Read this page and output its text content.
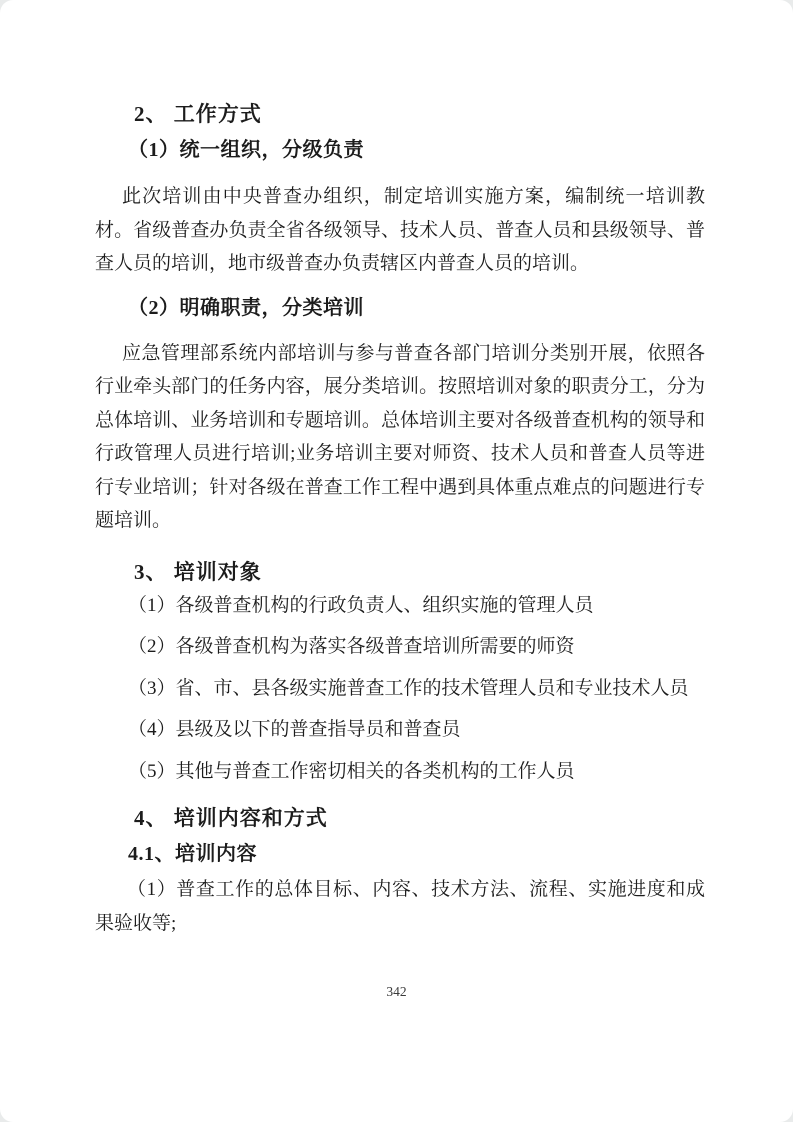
2、 工作方式
（1）统一组织，分级负责

此次培训由中央普查办组织，制定培训实施方案，编制统一培训教材。省级普查办负责全省各级领导、技术人员、普查人员和县级领导、普查人员的培训，地市级普查办负责辖区内普查人员的培训。

（2）明确职责，分类培训

应急管理部系统内部培训与参与普查各部门培训分类别开展，依照各行业牵头部门的任务内容，展分类培训。按照培训对象的职责分工，分为总体培训、业务培训和专题培训。总体培训主要对各级普查机构的领导和行政管理人员进行培训;业务培训主要对师资、技术人员和普查人员等进行专业培训；针对各级在普查工作工程中遇到具体重点难点的问题进行专题培训。

3、 培训对象
（1）各级普查机构的行政负责人、组织实施的管理人员
（2）各级普查机构为落实各级普查培训所需要的师资
（3）省、市、县各级实施普查工作的技术管理人员和专业技术人员
（4）县级及以下的普查指导员和普查员
（5）其他与普查工作密切相关的各类机构的工作人员
4、 培训内容和方式
4.1、培训内容

（1）普查工作的总体目标、内容、技术方法、流程、实施进度和成果验收等;

342
